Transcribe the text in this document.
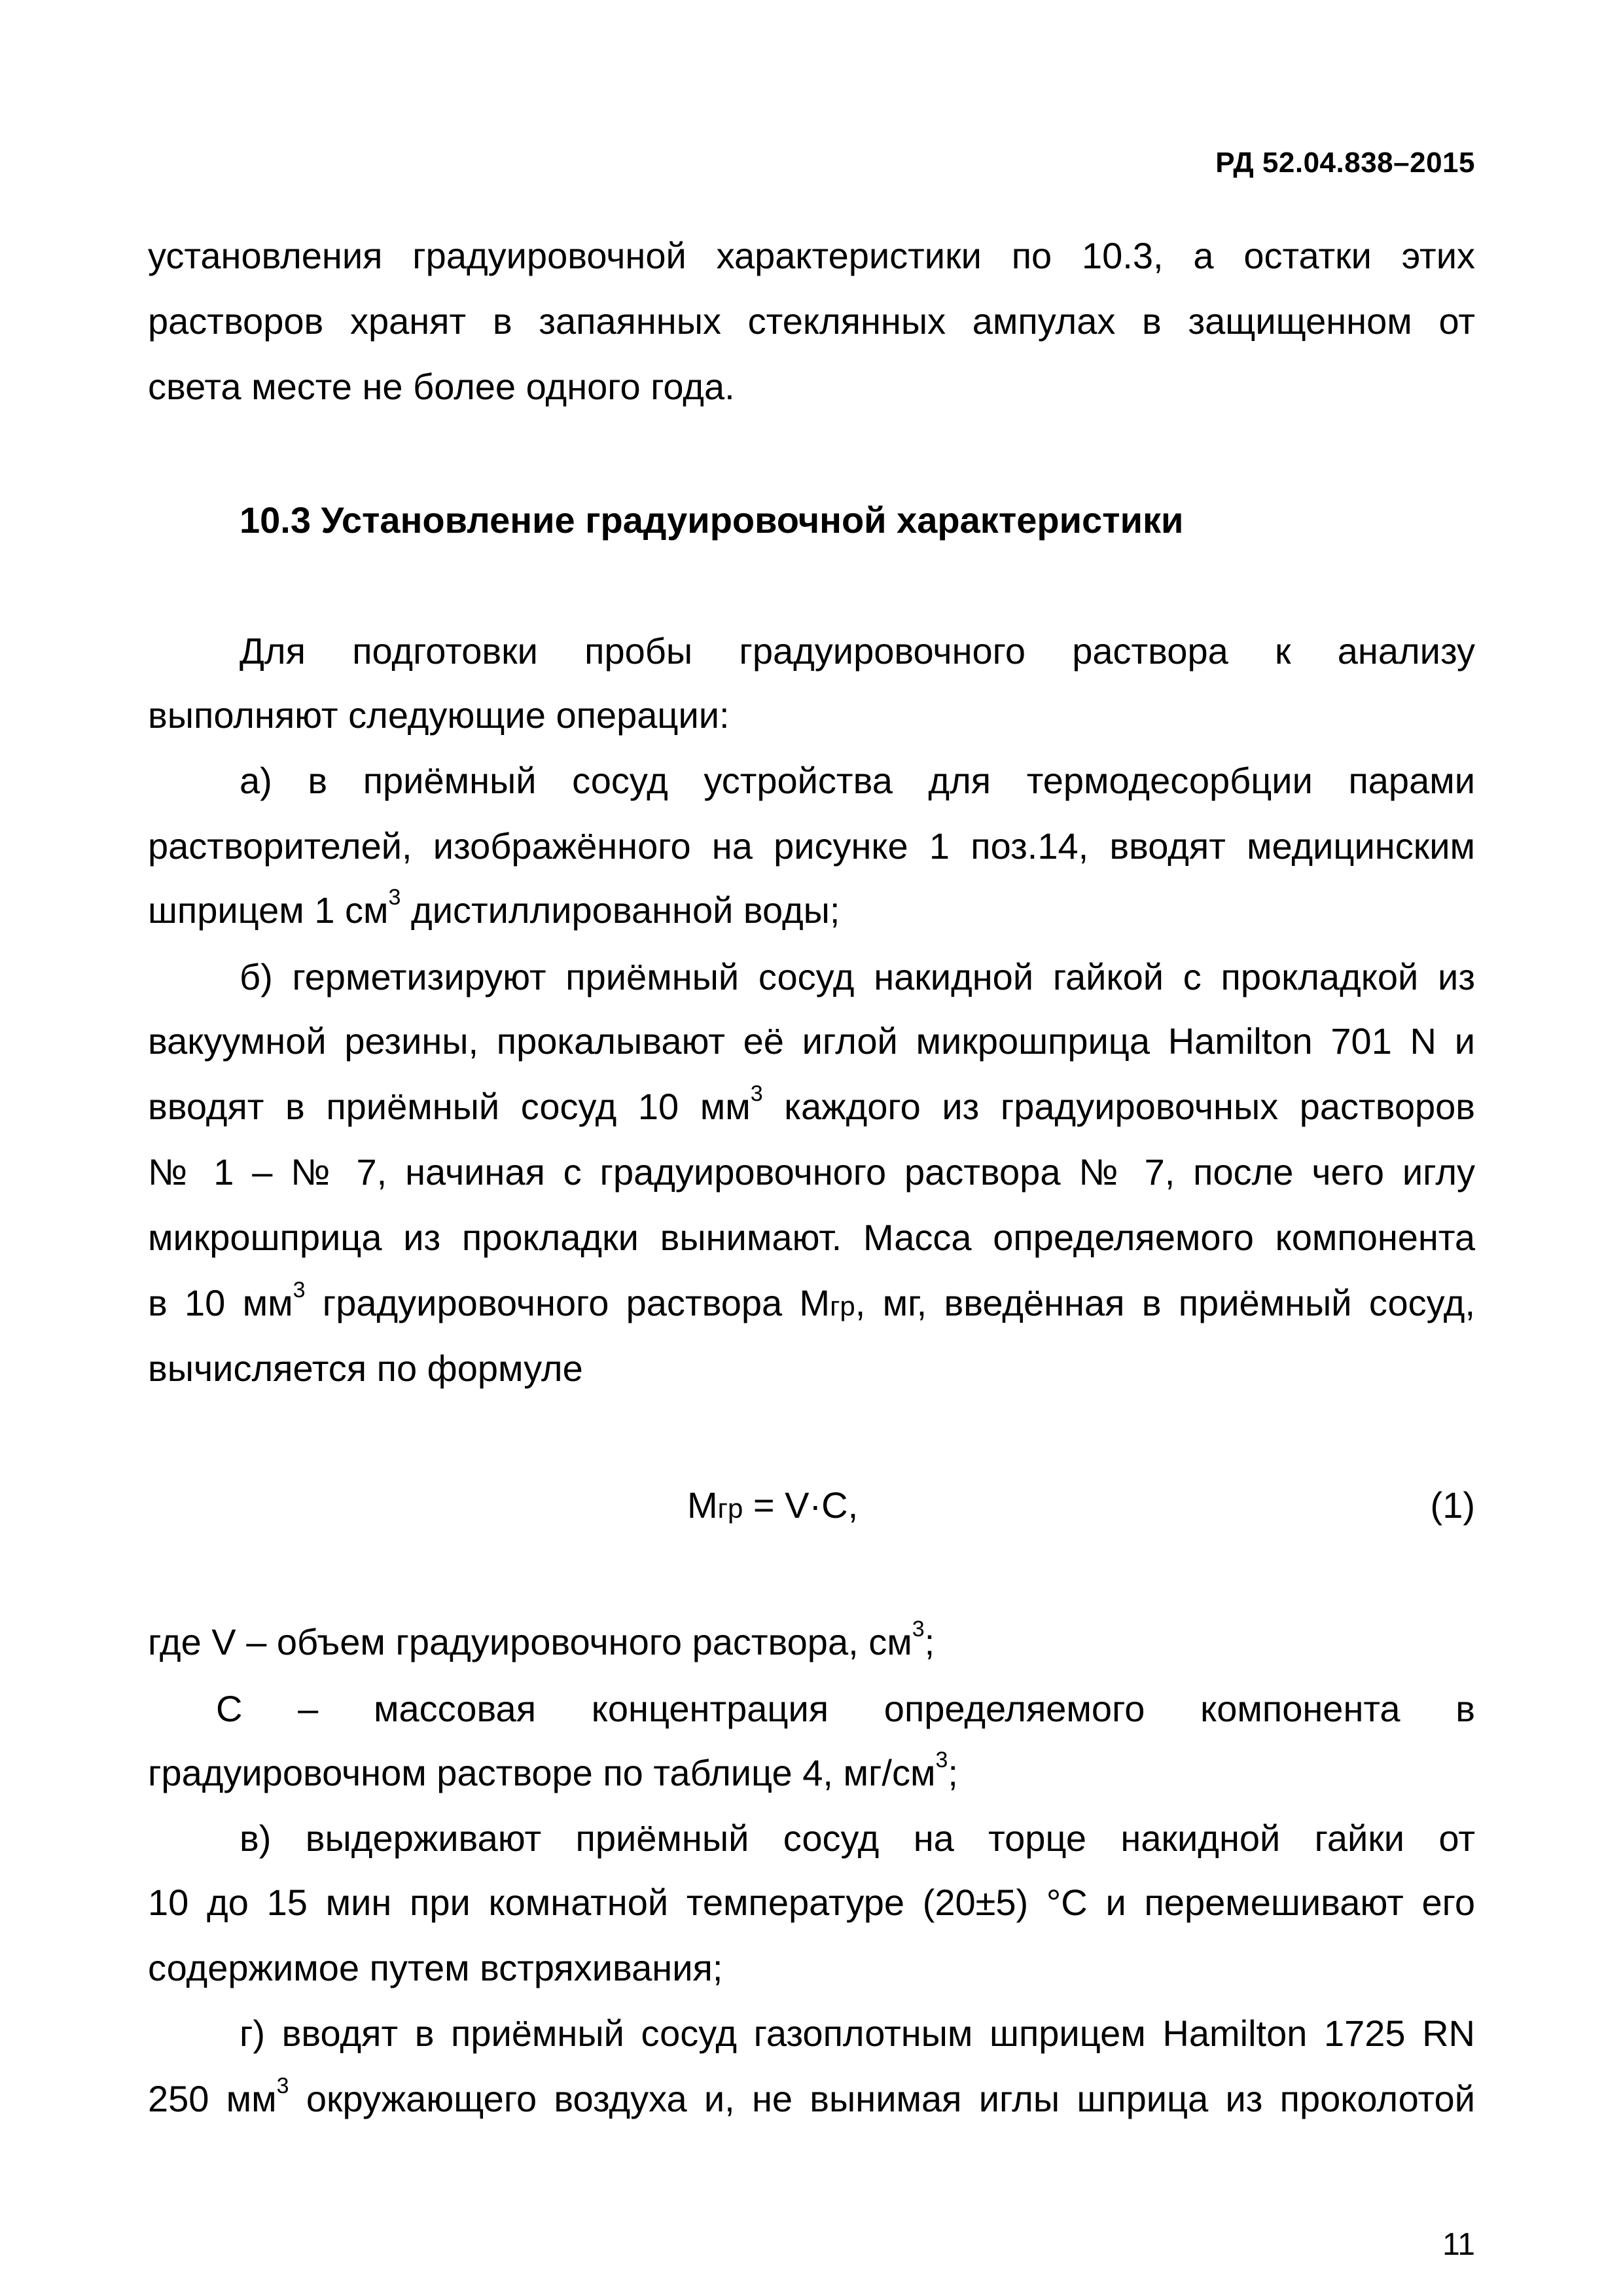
РД 52.04.838–2015
установления градуировочной характеристики по 10.3, а остатки этих
растворов хранят в запаянных стеклянных ампулах в защищенном от
света месте не более одного года.
10.3 Установление градуировочной характеристики
Для подготовки пробы градуировочного раствора к анализу
выполняют следующие операции:
а) в приёмный сосуд устройства для термодесорбции парами
растворителей, изображённого на рисунке 1 поз.14, вводят медицинским
шприцем 1 $см^3$ дистиллированной воды;
б) герметизируют приёмный сосуд накидной гайкой с прокладкой из
вакуумной резины, прокалывают её иглой микрошприца Hamilton 701 N и
вводят в приёмный сосуд 10 $мм^3$ каждого из градуировочных растворов
№ 1 – № 7, начиная с градуировочного раствора № 7, после чего иглу
микрошприца из прокладки вынимают. Масса определяемого компонента
в 10 $мм^3$ градуировочного раствора Мгр, мг, введённая в приёмный сосуд,
вычисляется по формуле
Мгр = V·C,	(1)
где V – объем градуировочного раствора, $см^3$;
C – массовая концентрация определяемого компонента в
градуировочном растворе по таблице 4, $мг/см^3$;
в) выдерживают приёмный сосуд на торце накидной гайки от
10 до 15 мин при комнатной температуре (20±5) °C и перемешивают его
содержимое путем встряхивания;
г) вводят в приёмный сосуд газоплотным шприцем Hamilton 1725 RN
250 $мм^3$ окружающего воздуха и, не вынимая иглы шприца из проколотой
11
